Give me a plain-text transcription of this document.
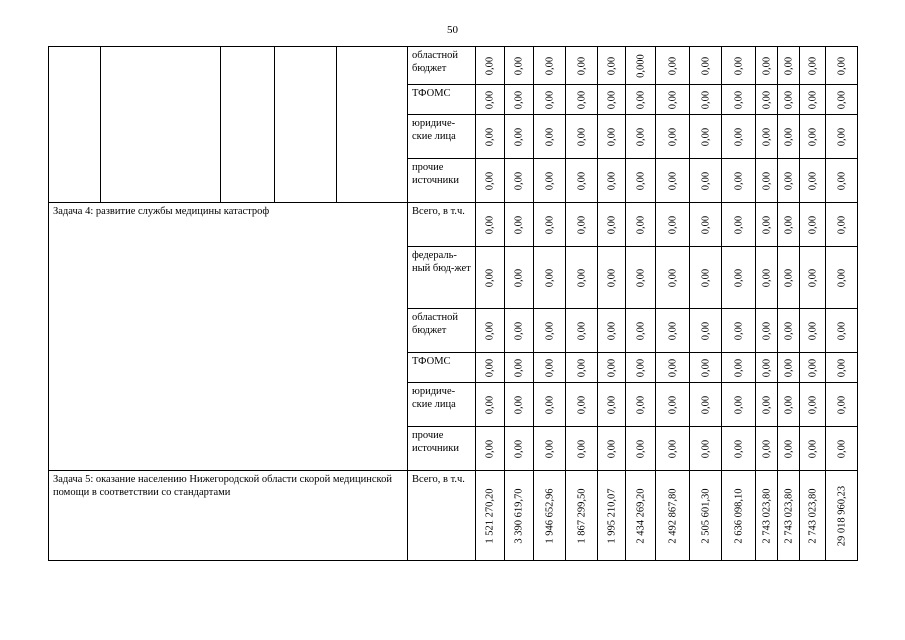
50
					областной бюджет	0,00	0,00	0,00	0,00	0,00	0,000	0,00	0,00	0,00	0,00	0,00	0,00	0,00

					ТФОМС	0,00	0,00	0,00	0,00	0,00	0,00	0,00	0,00	0,00	0,00	0,00	0,00	0,00

					юридиче-ские лица	0,00	0,00	0,00	0,00	0,00	0,00	0,00	0,00	0,00	0,00	0,00	0,00	0,00

					прочие источники	0,00	0,00	0,00	0,00	0,00	0,00	0,00	0,00	0,00	0,00	0,00	0,00	0,00

Задача 4: развитие службы медицины катастроф					Всего, в т.ч.	0,00	0,00	0,00	0,00	0,00	0,00	0,00	0,00	0,00	0,00	0,00	0,00	0,00

					федераль-ный бюд-жет	0,00	0,00	0,00	0,00	0,00	0,00	0,00	0,00	0,00	0,00	0,00	0,00	0,00

					областной бюджет	0,00	0,00	0,00	0,00	0,00	0,00	0,00	0,00	0,00	0,00	0,00	0,00	0,00

					ТФОМС	0,00	0,00	0,00	0,00	0,00	0,00	0,00	0,00	0,00	0,00	0,00	0,00	0,00

					юридиче-ские лица	0,00	0,00	0,00	0,00	0,00	0,00	0,00	0,00	0,00	0,00	0,00	0,00	0,00

					прочие источники	0,00	0,00	0,00	0,00	0,00	0,00	0,00	0,00	0,00	0,00	0,00	0,00	0,00

Задача 5: оказание населению Нижегородской области скорой медицинской помощи в соответствии со стандартами					Всего, в т.ч.	1 521 270,20	3 390 619,70	1 946 652,96	1 867 299,50	1 995 210,07	2 434 269,20	2 492 867,80	2 505 601,30	2 636 098,10	2 743 023,80	2 743 023,80	2 743 023,80	29 018 960,23
